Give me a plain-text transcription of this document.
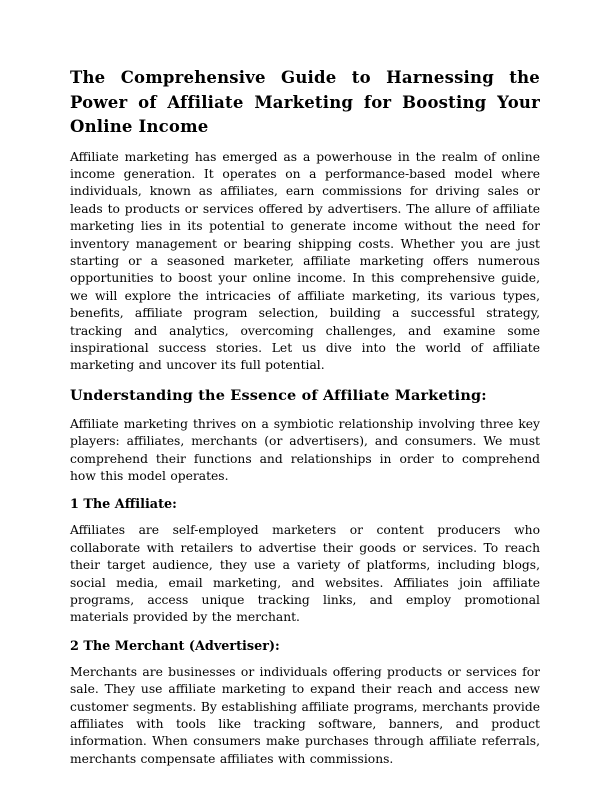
The Comprehensive Guide to Harnessing the Power of Affiliate Marketing for Boosting Your Online Income

Affiliate marketing has emerged as a powerhouse in the realm of online income generation. It operates on a performance-based model where individuals, known as affiliates, earn commissions for driving sales or leads to products or services offered by advertisers. The allure of affiliate marketing lies in its potential to generate income without the need for inventory management or bearing shipping costs. Whether you are just starting or a seasoned marketer, affiliate marketing offers numerous opportunities to boost your online income. In this comprehensive guide, we will explore the intricacies of affiliate marketing, its various types, benefits, affiliate program selection, building a successful strategy, tracking and analytics, overcoming challenges, and examine some inspirational success stories. Let us dive into the world of affiliate marketing and uncover its full potential.

Understanding the Essence of Affiliate Marketing:

Affiliate marketing thrives on a symbiotic relationship involving three key players: affiliates, merchants (or advertisers), and consumers. We must comprehend their functions and relationships in order to comprehend how this model operates.

1 The Affiliate:

Affiliates are self-employed marketers or content producers who collaborate with retailers to advertise their goods or services. To reach their target audience, they use a variety of platforms, including blogs, social media, email marketing, and websites. Affiliates join affiliate programs, access unique tracking links, and employ promotional materials provided by the merchant.

2 The Merchant (Advertiser):

Merchants are businesses or individuals offering products or services for sale. They use affiliate marketing to expand their reach and access new customer segments. By establishing affiliate programs, merchants provide affiliates with tools like tracking software, banners, and product information. When consumers make purchases through affiliate referrals, merchants compensate affiliates with commissions.
